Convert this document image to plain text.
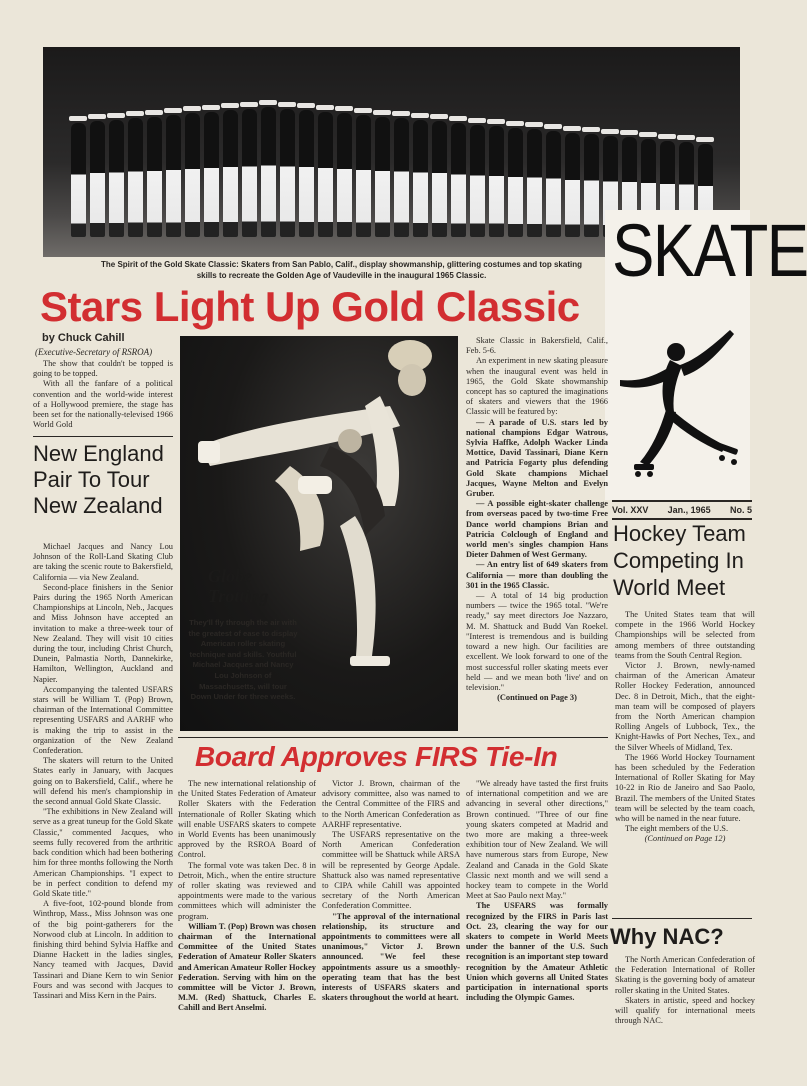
The Spirit of the Gold Skate Classic: Skaters from San Pablo, Calif., display showmanship, glittering costumes and top skating
skills to recreate the Golden Age of Vaudeville in the inaugural 1965 Classic.	SKATE
Vol. XXV Jan., 1965 No. 5
Stars Light Up Gold Classic
by Chuck Cahill
(Executive-Secretary of RSROA)
The show that couldn't be topped is going to be topped.
With all the fanfare of a political convention and the world-wide interest of a Hollywood premiere, the stage has been set for the nationally-televised 1966 World Gold
New England Pair To Tour New Zealand
Michael Jacques and Nancy Lou Johnson of the Roll-Land Skating Club are taking the scenic route to Bakersfield, California — via New Zealand.
Second-place finishers in the Senior Pairs during the 1965 North American Championships at Lincoln, Neb., Jacques and Miss Johnson have accepted an invitation to make a three-week tour of New Zealand. They will visit 10 cities during the tour, including Christ Church, Dunein, Palmastia North, Dannekirke, Hamilton, Wellington, Auckland and Napier.
Accompanying the talented USFARS stars will be William T. (Pop) Brown, chairman of the International Committee representing USFARS and AARHF who is making the trip to assist in the organization of the New Zealand Confederation.
The skaters will return to the United States early in January, with Jacques going on to Bakersfield, Calif., where he will defend his men's championship in the second annual Gold Skate Classic.
"The exhibitions in New Zealand will serve as a great tuneup for the Gold Skate Classic," commented Jacques, who seems fully recovered from the arthritic back condition which had been bothering him for three months following the North American Championships. "I expect to be in perfect condition to defend my Gold Skate title."
A five-foot, 102-pound blonde from Winthrop, Mass., Miss Johnson was one of the big point-gatherers for the Norwood club at Lincoln. In addition to finishing third behind Sylvia Haffke and Dianne Hackett in the ladies singles, Nancy teamed with Jacques, David Tassinari and Diane Kern to win Senior Fours and was second with Jacques to Tassinari and Miss Kern in the Pairs.
Globe
Trotting
They'll fly through the air with the greatest of ease to display American roller skating technique and skills. Youthful Michael Jacques and Nancy Lou Johnson of Massachusetts, will tour Down Under for three weeks.
Skate Classic in Bakersfield, Calif., Feb. 5-6.
An experiment in new skating pleasure when the inaugural event was held in 1965, the Gold Skate showmanship concept has so captured the imaginations of skaters and viewers that the 1966 Classic will be featured by:
— A parade of U.S. stars led by national champions Edgar Watrous, Sylvia Haffke, Adolph Wacker Linda Mottice, David Tassinari, Diane Kern and Patricia Fogarty plus defending Gold Skate champions Michael Jacques, Wayne Melton and Evelyn Gruber.
— A possible eight-skater challenge from overseas paced by two-time Free Dance world champions Brian and Patricia Colclough of England and world men's singles champion Hans Dieter Dahmen of West Germany.
— An entry list of 649 skaters from California — more than doubling the 301 in the 1965 Classic.
— A total of 14 big production numbers — twice the 1965 total. "We're ready," say meet directors Joe Nazzaro, M. M. Shattuck and Budd Van Roekel. "Interest is tremendous and is building toward a new high. Our facilities are excellent. We look forward to one of the most successful roller skating meets ever held — and we mean both 'live' and on television."
(Continued on Page 3)
Hockey Team Competing In World Meet
The United States team that will compete in the 1966 World Hockey Championships will be selected from among members of three outstanding teams from the South Central Region.
Victor J. Brown, newly-named chairman of the American Amateur Roller Hockey Federation, announced Dec. 8 in Detroit, Mich., that the eight-man team will be composed of players from the North American champion Rolling Angels of Lubbock, Tex., the Knight-Hawks of Port Neches, Tex., and the Silver Wheels of Midland, Tex.
The 1966 World Hockey Tournament has been scheduled by the Federation International of Roller Skating for May 10-22 in Rio de Janeiro and Sao Paolo, Brazil. The members of the United States team will be selected by the team coach, who will be named in the near future.
The eight members of the U.S.
(Continued on Page 12)
Board Approves FIRS Tie-In
The new international relationship of the United States Federation of Amateur Roller Skaters with the Federation Internationale of Roller Skating which will enable USFARS skaters to compete in World Events has been unanimously approved by the RSROA Board of Control.
The formal vote was taken Dec. 8 in Detroit, Mich., when the entire structure of roller skating was reviewed and appointments were made to the various committees which will administer the program.
William T. (Pop) Brown was chosen chairman of the International Committee of the United States Federation of Amateur Roller Skaters and American Amateur Roller Hockey Federation. Serving with him on the committee will be Victor J. Brown, M.M. (Red) Shattuck, Charles E. Cahill and Bert Anselmi.
Victor J. Brown, chairman of the advisory committee, also was named to the Central Committee of the FIRS and to the North American Confederation as AARHF representative.
The USFARS representative on the North American Confederation committee will be Shattuck while ARSA will be represented by George Apdale. Shattuck also was named representative to CIPA while Cahill was appointed secretary of the North American Confederation Committee.
"The approval of the international relationship, its structure and appointments to committees were all unanimous," Victor J. Brown announced. "We feel these appointments assure us a smoothly-operating team that has the best interests of USFARS skaters and skaters throughout the world at heart.
"We already have tasted the first fruits of international competition and we are advancing in several other directions," Brown continued. "Three of our fine young skaters competed at Madrid and two more are making a three-week exhibition tour of New Zealand. We will have numerous stars from Europe, New Zealand and Canada in the Gold Skate Classic next month and we will send a hockey team to compete in the World Meet at Sao Paulo next May."
The USFARS was formally recognized by the FIRS in Paris last Oct. 23, clearing the way for our skaters to compete in World Meets under the banner of the U.S. Such recognition is an important step toward recognition by the Amateur Athletic Union which governs all United States participation in international sports including the Olympic Games.
Why NAC?
The North American Confederation of the Federation International of Roller Skating is the governing body of amateur roller skating in the United States.
Skaters in artistic, speed and hockey will qualify for international meets through NAC.
